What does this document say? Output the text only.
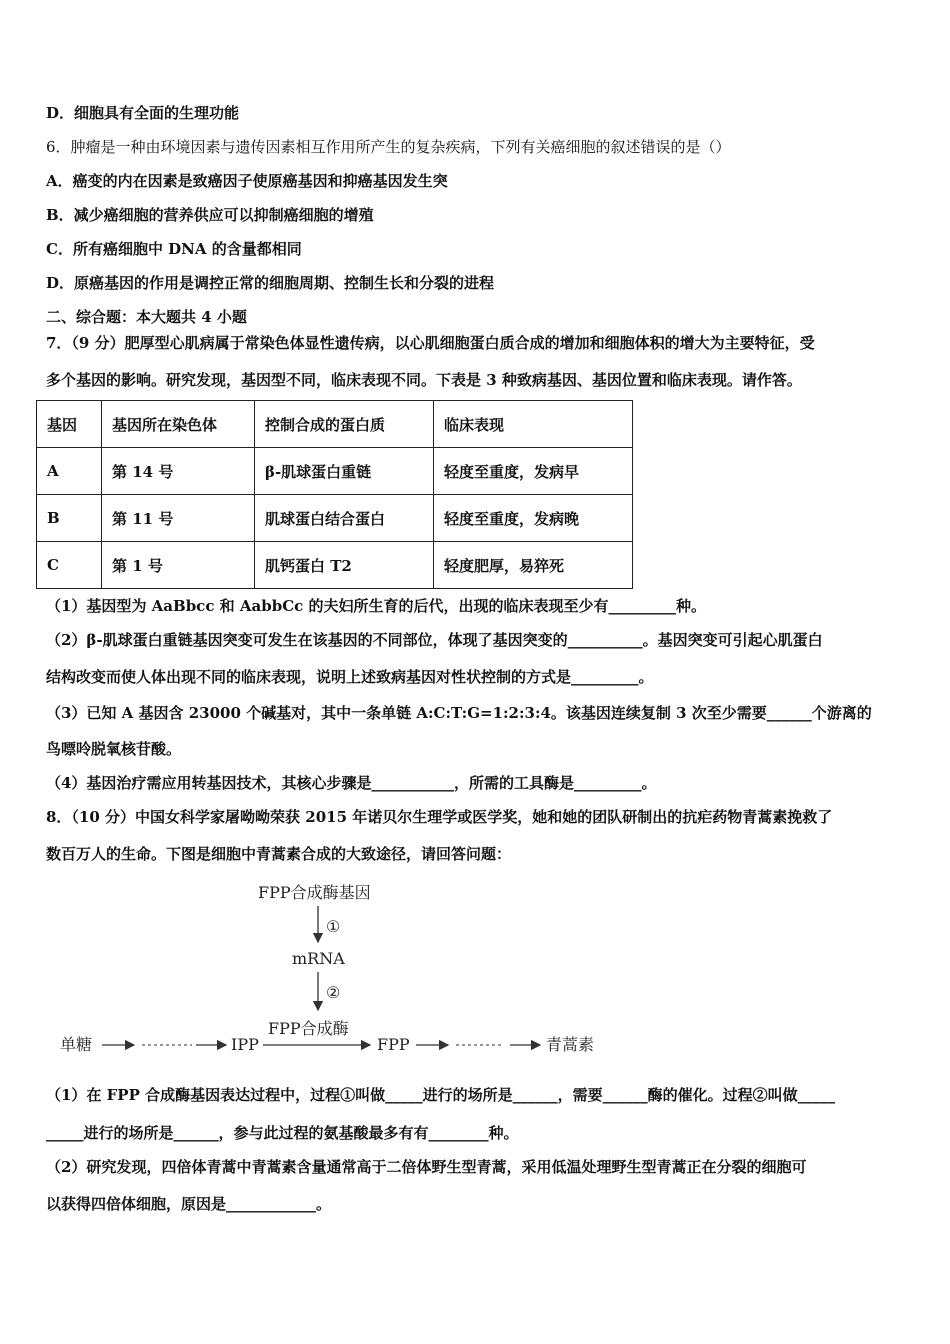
D．细胞具有全面的生理功能
6．肿瘤是一种由环境因素与遗传因素相互作用所产生的复杂疾病，下列有关癌细胞的叙述错误的是（）
A．癌变的内在因素是致癌因子使原癌基因和抑癌基因发生突
B．减少癌细胞的营养供应可以抑制癌细胞的增殖
C．所有癌细胞中 DNA 的含量都相同
D．原癌基因的作用是调控正常的细胞周期、控制生长和分裂的进程
二、综合题：本大题共 4 小题
7．（9 分）肥厚型心肌病属于常染色体显性遗传病，以心肌细胞蛋白质合成的增加和细胞体积的增大为主要特征，受
多个基因的影响。研究发现，基因型不同，临床表现不同。下表是 3 种致病基因、基因位置和临床表现。请作答。
基因	基因所在染色体	控制合成的蛋白质	临床表现
A	第 14 号	β-肌球蛋白重链	轻度至重度，发病早
B	第 11 号	肌球蛋白结合蛋白	轻度至重度，发病晚
C	第 1 号	肌钙蛋白 T2	轻度肥厚，易猝死
（1）基因型为 AaBbcc 和 AabbCc 的夫妇所生育的后代，出现的临床表现至少有_________种。
（2）β-肌球蛋白重链基因突变可发生在该基因的不同部位，体现了基因突变的__________。基因突变可引起心肌蛋白
结构改变而使人体出现不同的临床表现，说明上述致病基因对性状控制的方式是_________。
（3）已知 A 基因含 23000 个碱基对，其中一条单链 A:C:T:G=1:2:3:4。该基因连续复制 3 次至少需要______个游离的
鸟嘌呤脱氧核苷酸。
（4）基因治疗需应用转基因技术，其核心步骤是___________，所需的工具酶是_________。
8．（10 分）中国女科学家屠呦呦荣获 2015 年诺贝尔生理学或医学奖，她和她的团队研制出的抗疟药物青蒿素挽救了
数百万人的生命。下图是细胞中青蒿素合成的大致途径，请回答问题：
FPP合成酶基因
①
mRNA
②
FPP合成酶
单糖	IPP	FPP	青蒿素
（1）在 FPP 合成酶基因表达过程中，过程①叫做_____进行的场所是______，需要______酶的催化。过程②叫做_____
_____进行的场所是______，参与此过程的氨基酸最多有有________种。
（2）研究发现，四倍体青蒿中青蒿素含量通常高于二倍体野生型青蒿，采用低温处理野生型青蒿正在分裂的细胞可
以获得四倍体细胞，原因是____________。
